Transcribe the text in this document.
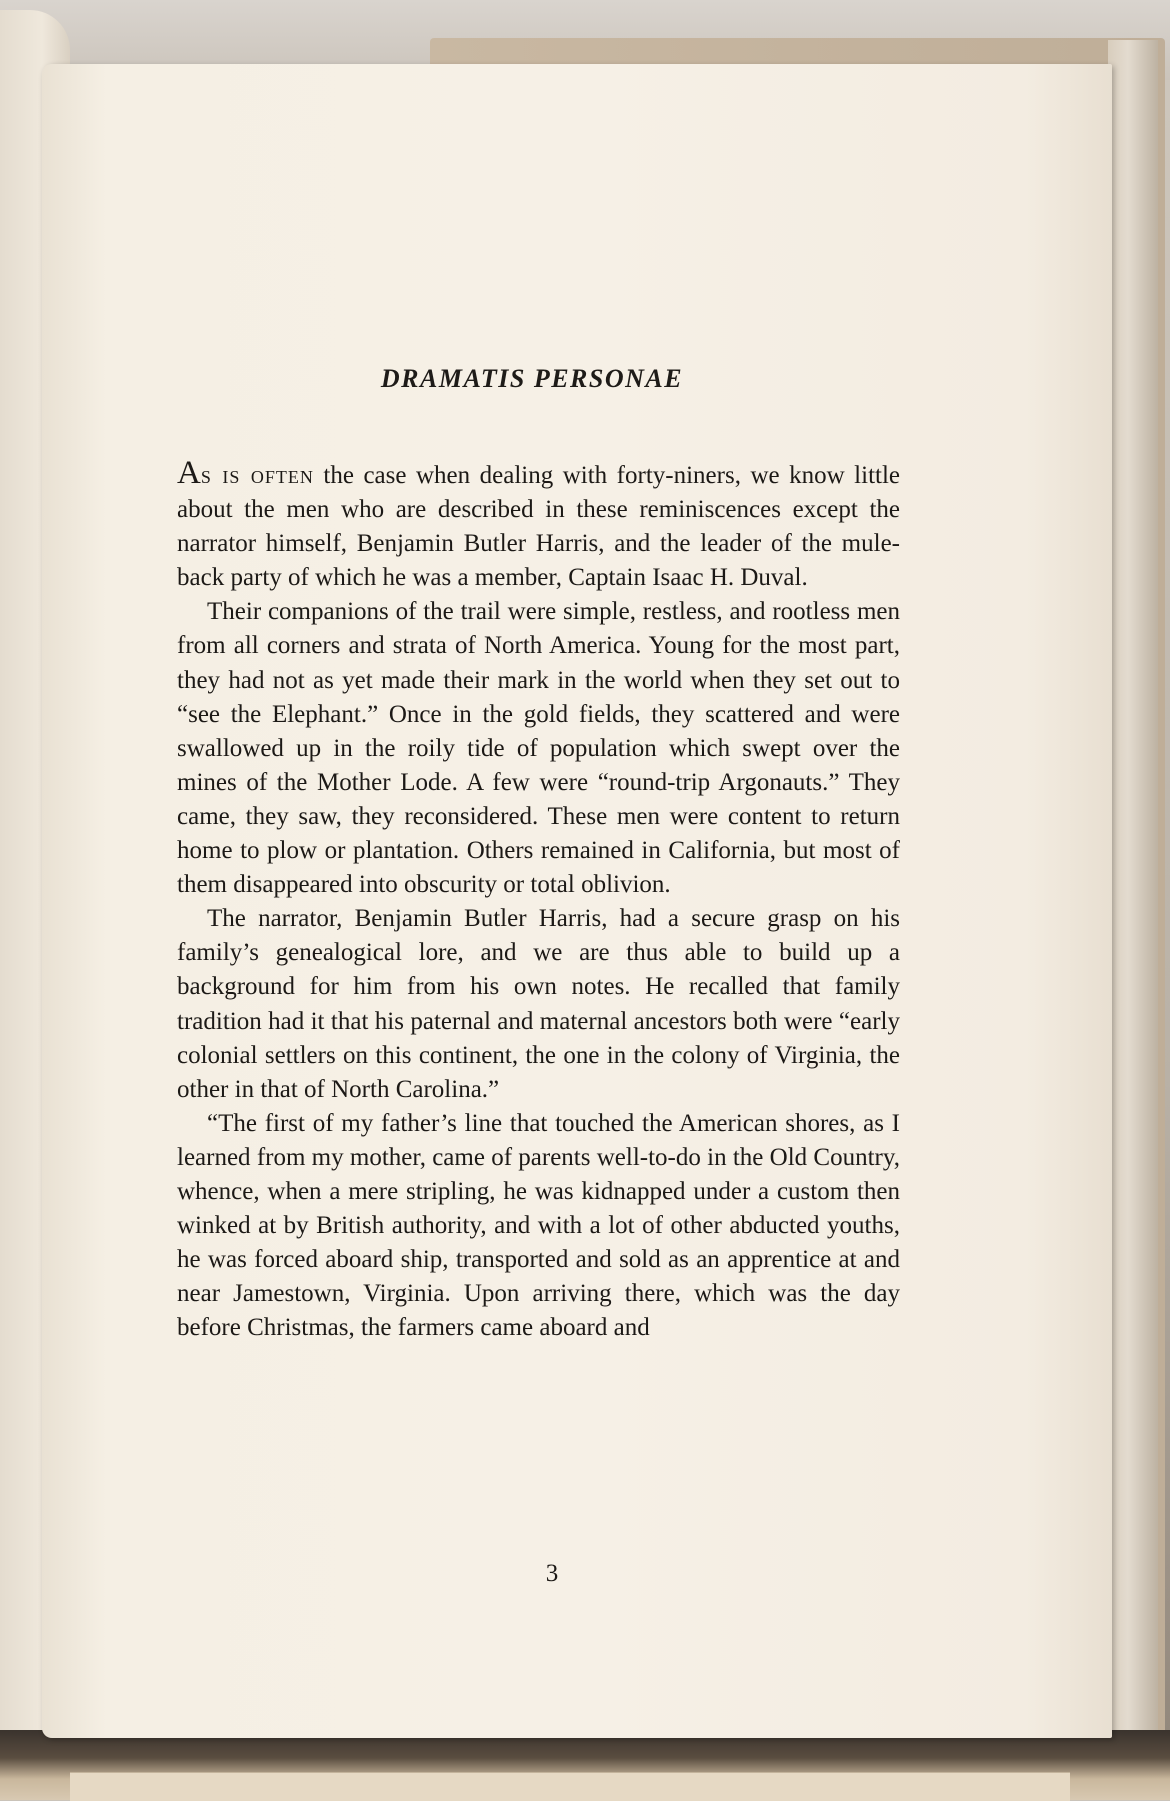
DRAMATIS PERSONAE

As is often the case when dealing with forty-niners, we know little about the men who are described in these reminiscences except the narrator himself, Benjamin Butler Harris, and the leader of the mule-back party of which he was a member, Captain Isaac H. Duval.

Their companions of the trail were simple, restless, and rootless men from all corners and strata of North America. Young for the most part, they had not as yet made their mark in the world when they set out to “see the Elephant.” Once in the gold fields, they scattered and were swallowed up in the roily tide of population which swept over the mines of the Mother Lode. A few were “round-trip Argonauts.” They came, they saw, they reconsidered. These men were content to return home to plow or plantation. Others remained in California, but most of them disappeared into obscurity or total oblivion.

The narrator, Benjamin Butler Harris, had a secure grasp on his family’s genealogical lore, and we are thus able to build up a background for him from his own notes. He recalled that family tradition had it that his paternal and maternal ancestors both were “early colonial settlers on this continent, the one in the colony of Virginia, the other in that of North Carolina.”

“The first of my father’s line that touched the American shores, as I learned from my mother, came of parents well-to-do in the Old Country, whence, when a mere stripling, he was kidnapped under a custom then winked at by British authority, and with a lot of other abducted youths, he was forced aboard ship, transported and sold as an apprentice at and near Jamestown, Virginia. Upon arriving there, which was the day before Christmas, the farmers came aboard and

3
